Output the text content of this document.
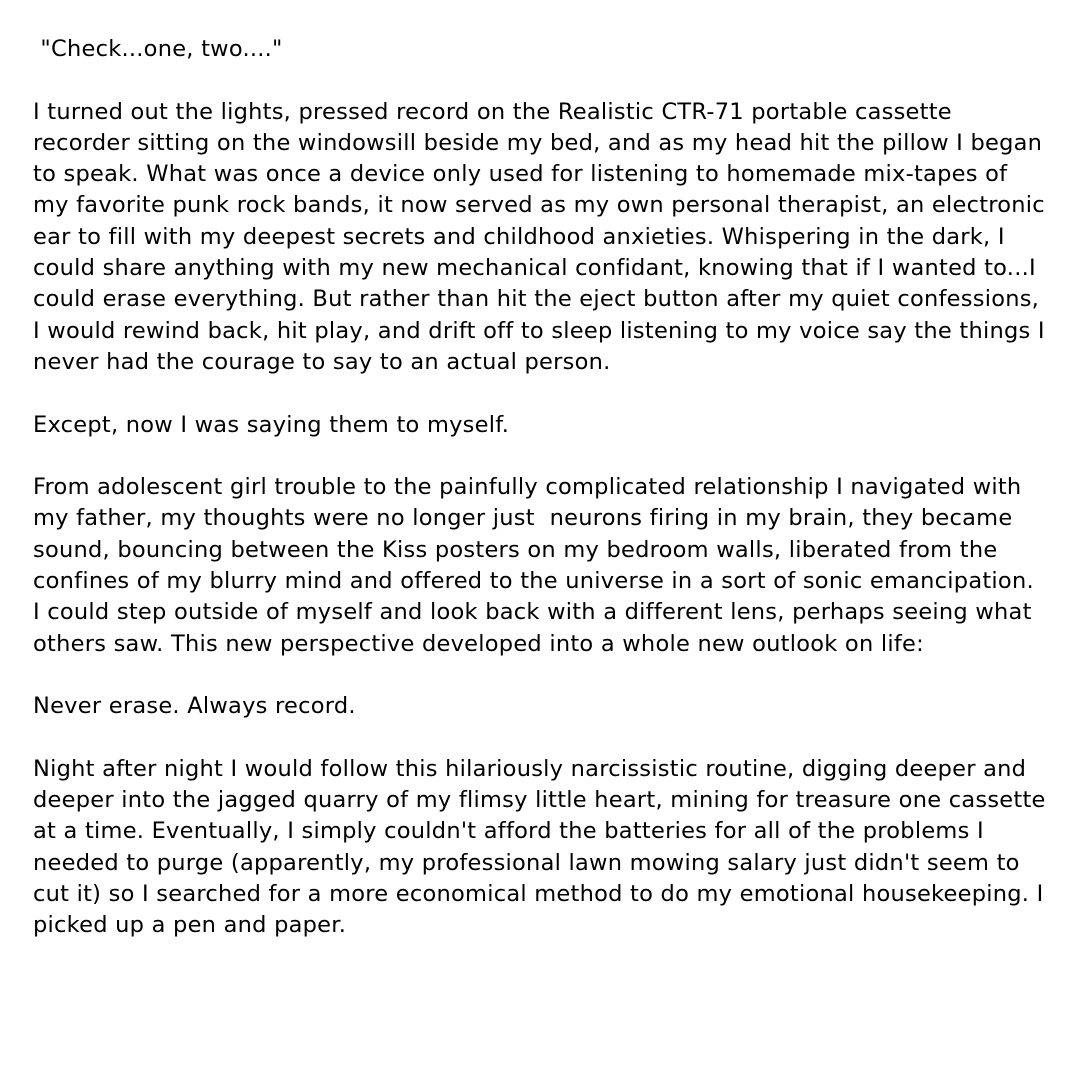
"Check...one, two...."

I turned out the lights, pressed record on the Realistic CTR-71 portable cassette recorder sitting on the windowsill beside my bed, and as my head hit the pillow I began to speak. What was once a device only used for listening to homemade mix-tapes of my favorite punk rock bands, it now served as my own personal therapist, an electronic ear to fill with my deepest secrets and childhood anxieties. Whispering in the dark, I could share anything with my new mechanical confidant, knowing that if I wanted to...I could erase everything. But rather than hit the eject button after my quiet confessions, I would rewind back, hit play, and drift off to sleep listening to my voice say the things I never had the courage to say to an actual person.

Except, now I was saying them to myself.

From adolescent girl trouble to the painfully complicated relationship I navigated with my father, my thoughts were no longer just  neurons firing in my brain, they became  sound, bouncing between the Kiss posters on my bedroom walls, liberated from the confines of my blurry mind and offered to the universe in a sort of sonic emancipation. I could step outside of myself and look back with a different lens, perhaps seeing what others saw. This new perspective developed into a whole new outlook on life:

Never erase. Always record.

Night after night I would follow this hilariously narcissistic routine, digging deeper and deeper into the jagged quarry of my flimsy little heart, mining for treasure one cassette at a time. Eventually, I simply couldn't afford the batteries for all of the problems I needed to purge (apparently, my professional lawn mowing salary just didn't seem to cut it) so I searched for a more economical method to do my emotional housekeeping. I picked up a pen and paper.
